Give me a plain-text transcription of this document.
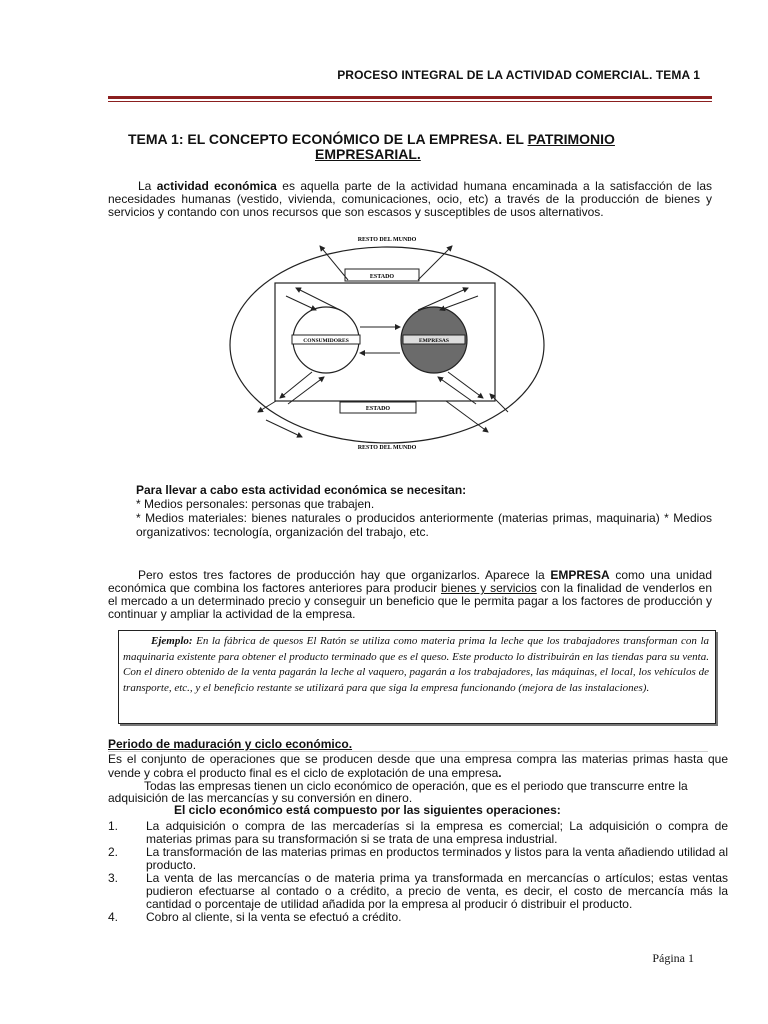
PROCESO INTEGRAL DE LA ACTIVIDAD COMERCIAL. TEMA 1
TEMA 1: EL CONCEPTO ECONÓMICO DE LA EMPRESA. EL PATRIMONIO
EMPRESARIAL.
La actividad económica es aquella parte de la actividad humana encaminada a la satisfacción de las necesidades humanas (vestido, vivienda, comunicaciones, ocio, etc) a través de la producción de bienes y servicios y contando con unos recursos que son escasos y susceptibles de usos alternativos.
RESTO DEL MUNDO
ESTADO
CONSUMIDORES	EMPRESAS
ESTADO
RESTO DEL MUNDO
Para llevar a cabo esta actividad económica se necesitan:
* Medios personales: personas que trabajen.
* Medios materiales: bienes naturales o producidos anteriormente (materias primas, maquinaria) * Medios organizativos: tecnología, organización del trabajo, etc.
Pero estos tres factores de producción hay que organizarlos. Aparece la EMPRESA como una unidad económica que combina los factores anteriores para producir bienes y servicios con la finalidad de venderlos en el mercado a un determinado precio y conseguir un beneficio que le permita pagar a los factores de producción y continuar y ampliar la actividad de la empresa.
Ejemplo: En la fábrica de quesos El Ratón se utiliza como materia prima la leche que los trabajadores transforman con la maquinaria existente para obtener el producto terminado que es el queso. Este producto lo distribuirán en las tiendas para su venta. Con el dinero obtenido de la venta pagarán la leche al vaquero, pagarán a los trabajadores, las máquinas, el local, los vehículos de transporte, etc., y el beneficio restante se utilizará para que siga la empresa funcionando (mejora de las instalaciones).
Periodo de maduración y ciclo económico.
Es el conjunto de operaciones que se producen desde que una empresa compra las materias primas hasta que vende y cobra el producto final es el ciclo de explotación de una empresa.
Todas las empresas tienen un ciclo económico de operación, que es el periodo que transcurre entre la adquisición de las mercancías y su conversión en dinero.
El ciclo económico está compuesto por las siguientes operaciones:
1.	La adquisición o compra de las mercaderías si la empresa es comercial; La adquisición o compra de materias primas para su transformación si se trata de una empresa industrial.
2.	La transformación de las materias primas en productos terminados y listos para la venta añadiendo utilidad al producto.
3.	La venta de las mercancías o de materia prima ya transformada en mercancías o artículos; estas ventas pudieron efectuarse al contado o a crédito, a precio de venta, es decir, el costo de mercancía más la cantidad o porcentaje de utilidad añadida por la empresa al producir ó distribuir el producto.
4.	Cobro al cliente, si la venta se efectuó a crédito.
Página 1
